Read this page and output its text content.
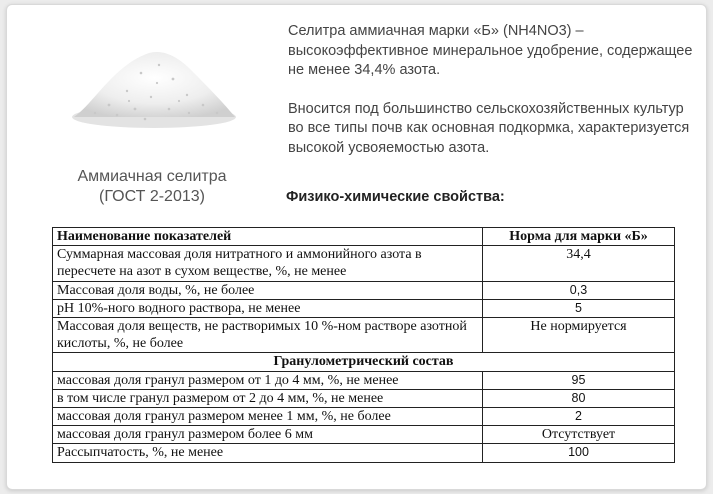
Аммиачная селитра
(ГОСТ 2-2013)

Селитра аммиачная марки «Б» (NH4NO3) – высокоэффективное минеральное удобрение, содержащее не менее 34,4% азота.

Вносится под большинство сельскохозяйственных культур во все типы почв как основная подкормка, характеризуется высокой усвояемостью азота.

Физико-химические свойства:
Наименование показателей	Норма для марки «Б»
Суммарная массовая доля нитратного и аммонийного азота в пересчете на азот в сухом веществе, %, не менее	34,4
Массовая доля воды, %, не более	0,3
pH 10%-ного водного раствора, не менее	5
Массовая доля веществ, не растворимых 10 %-ном растворе азотной кислоты, %, не более	Не нормируется
Гранулометрический состав	
массовая доля гранул размером от 1 до 4 мм, %, не менее	95
в том числе гранул размером от 2 до 4 мм, %, не менее	80
массовая доля гранул размером менее 1 мм, %, не более	2
массовая доля гранул размером более 6 мм	Отсутствует
Рассыпчатость, %, не менее	100
